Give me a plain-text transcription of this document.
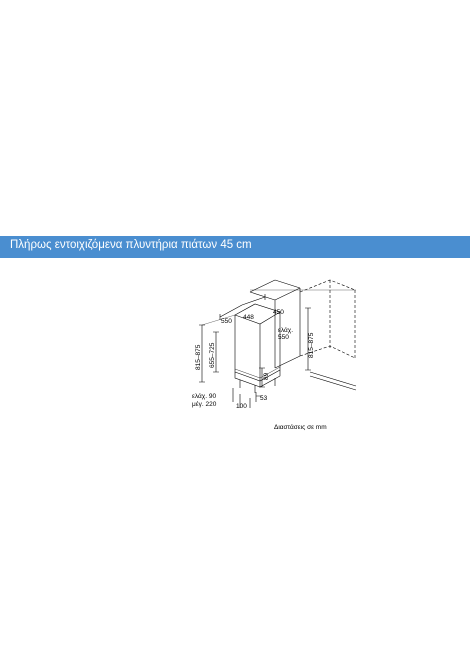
Πλήρως εντοιχιζόμενα πλυντήρια πιάτων 45 cm
550
448
815–875 655–725
89
ελάχ. 90
μέγ. 220	100
53
450
ελάχ.
550	815–875
Διαστάσεις σε mm
